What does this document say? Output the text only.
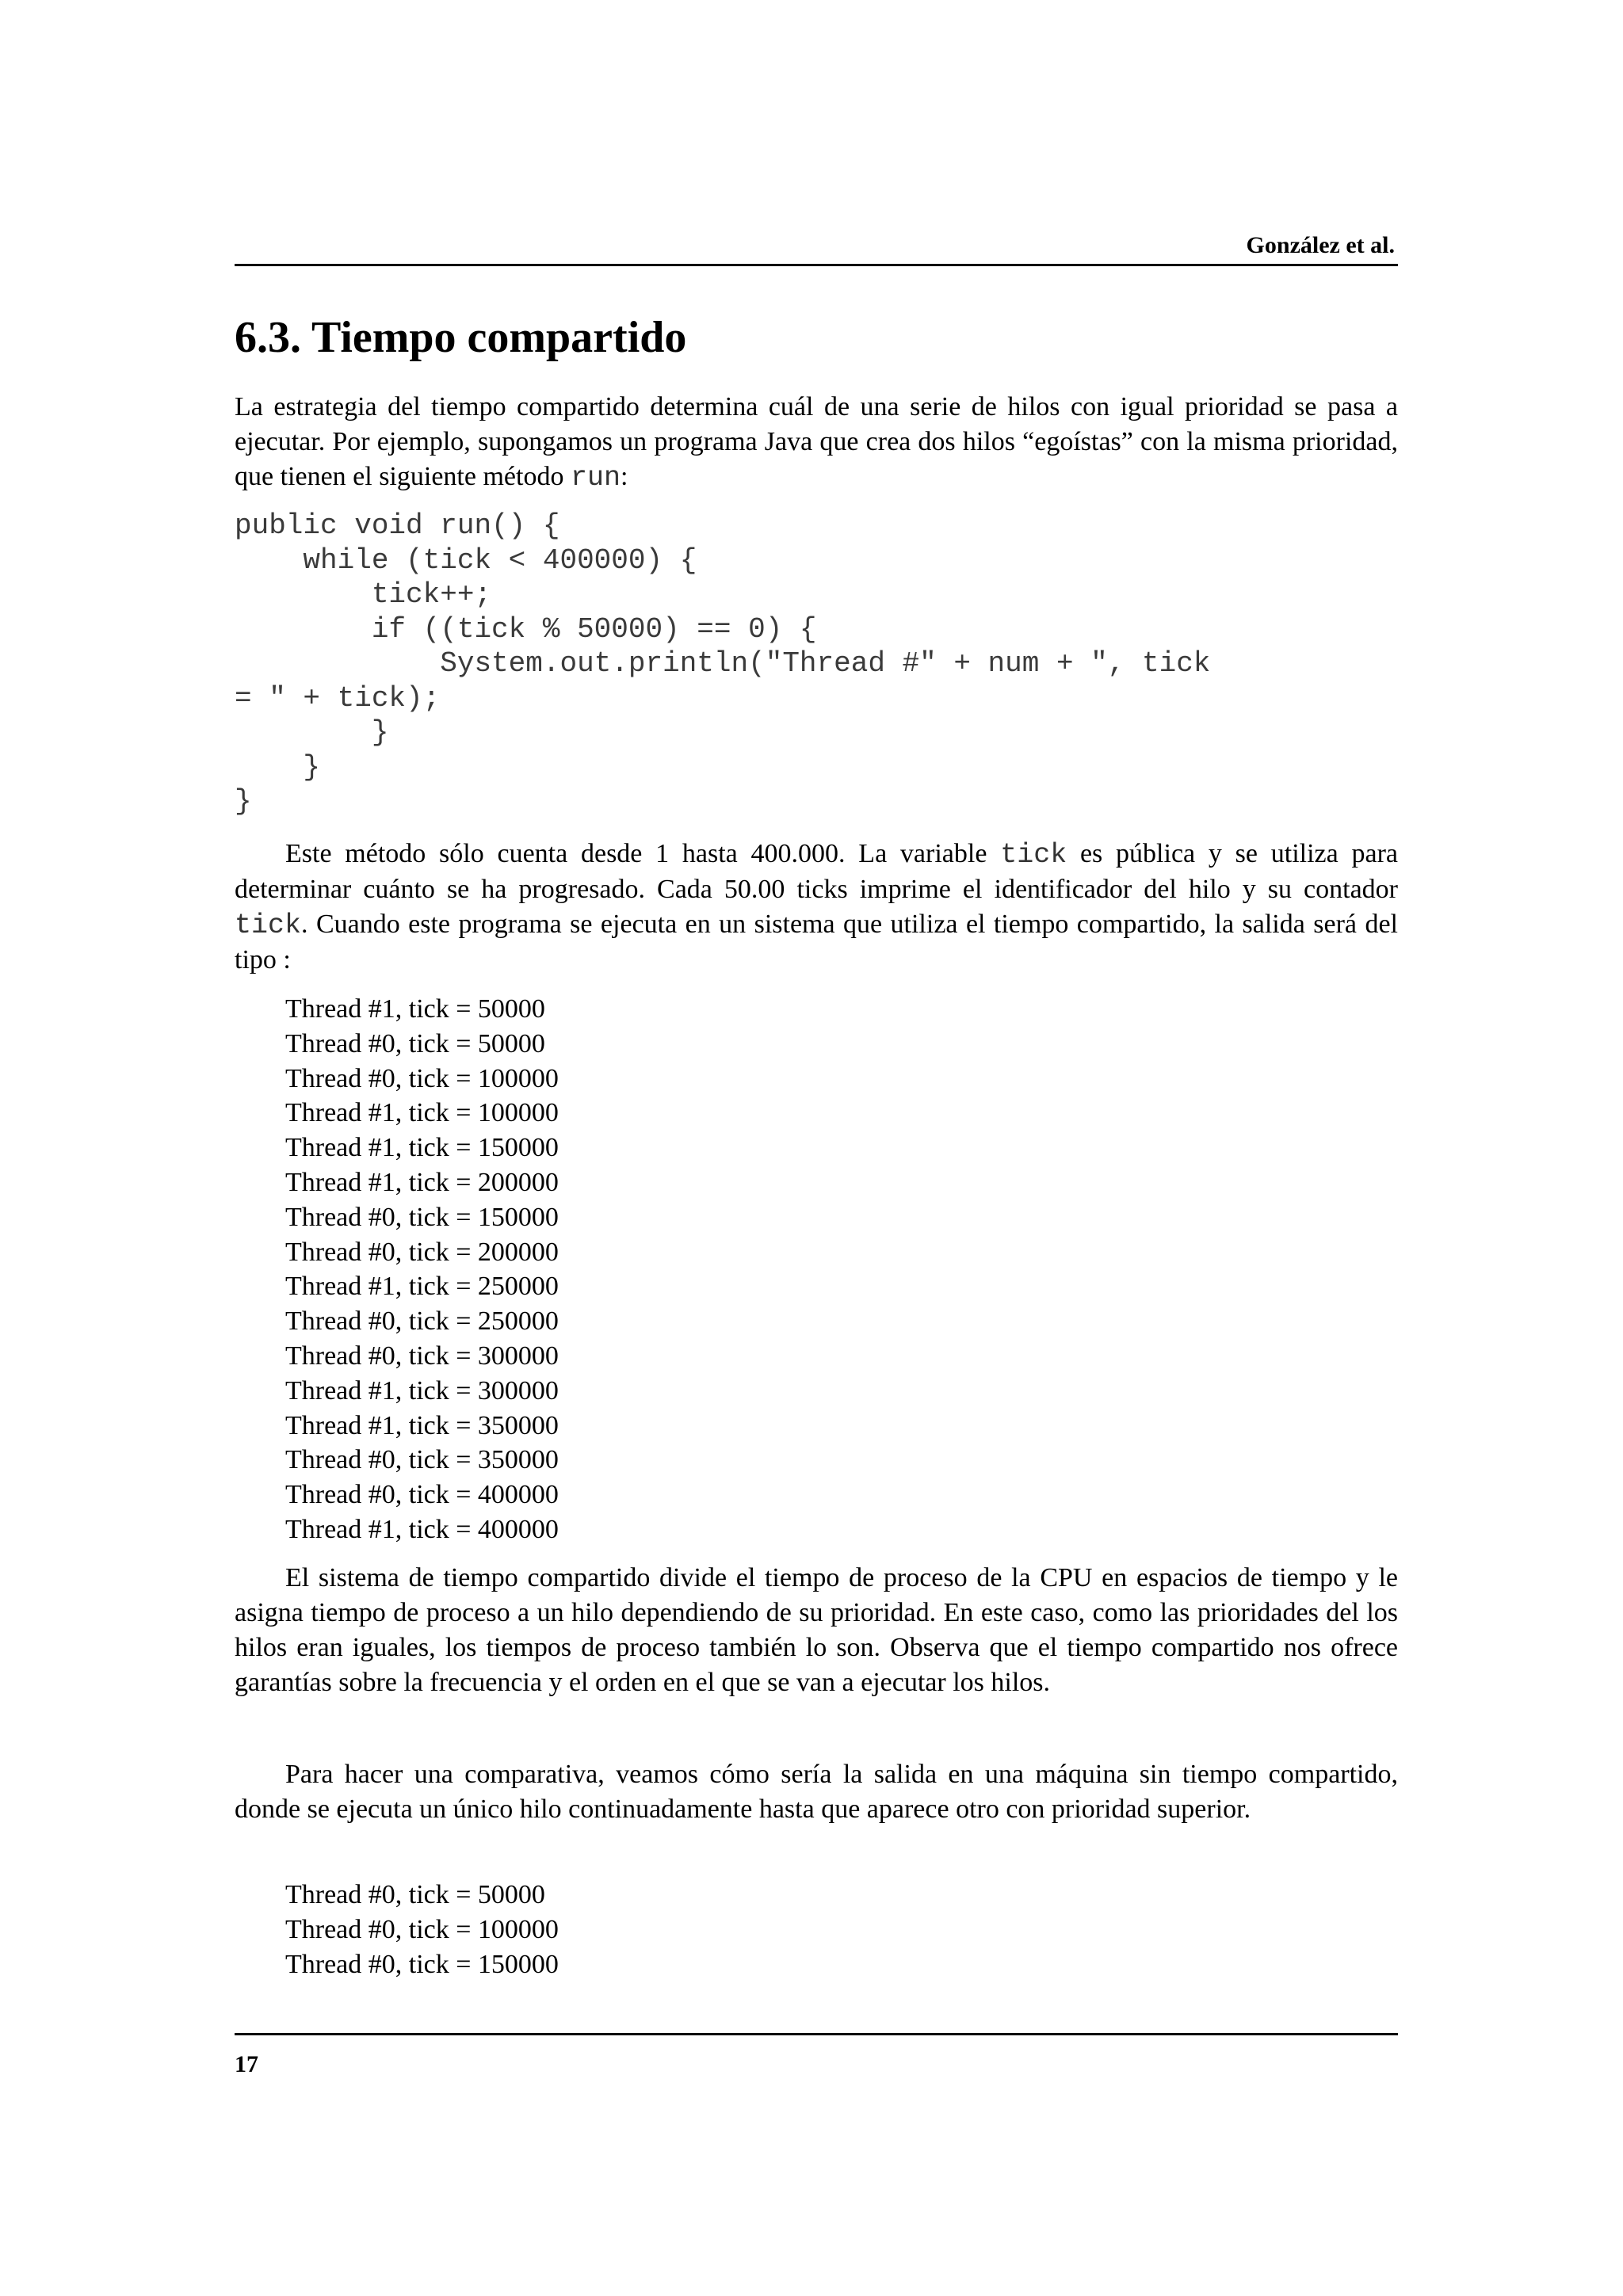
González et al.
6.3. Tiempo compartido

La estrategia del tiempo compartido determina cuál de una serie de hilos con igual prioridad se pasa a ejecutar. Por ejemplo, supongamos un programa Java que crea dos hilos “egoístas” con la misma prioridad, que tienen el siguiente método run:

public void run() {
while (tick < 400000) {
tick++;
if ((tick % 50000) == 0) {
System.out.println("Thread #" + num + ", tick
= " + tick);
}
}
}

Este método sólo cuenta desde 1 hasta 400.000. La variable tick es pública y se utiliza para determinar cuánto se ha progresado. Cada 50.00 ticks imprime el identificador del hilo y su contador tick. Cuando este programa se ejecuta en un sistema que utiliza el tiempo compartido, la salida será del tipo :

Thread #1, tick = 50000
Thread #0, tick = 50000
Thread #0, tick = 100000
Thread #1, tick = 100000
Thread #1, tick = 150000
Thread #1, tick = 200000
Thread #0, tick = 150000
Thread #0, tick = 200000
Thread #1, tick = 250000
Thread #0, tick = 250000
Thread #0, tick = 300000
Thread #1, tick = 300000
Thread #1, tick = 350000
Thread #0, tick = 350000
Thread #0, tick = 400000
Thread #1, tick = 400000

El sistema de tiempo compartido divide el tiempo de proceso de la CPU en espacios de tiempo y le asigna tiempo de proceso a un hilo dependiendo de su prioridad. En este caso, como las prioridades del los hilos eran iguales, los tiempos de proceso también lo son. Observa que el tiempo compartido nos ofrece garantías sobre la frecuencia y el orden en el que se van a ejecutar los hilos.

Para hacer una comparativa, veamos cómo sería la salida en una máquina sin tiempo compartido, donde se ejecuta un único hilo continuadamente hasta que aparece otro con prioridad superior.

Thread #0, tick = 50000
Thread #0, tick = 100000
Thread #0, tick = 150000
17
